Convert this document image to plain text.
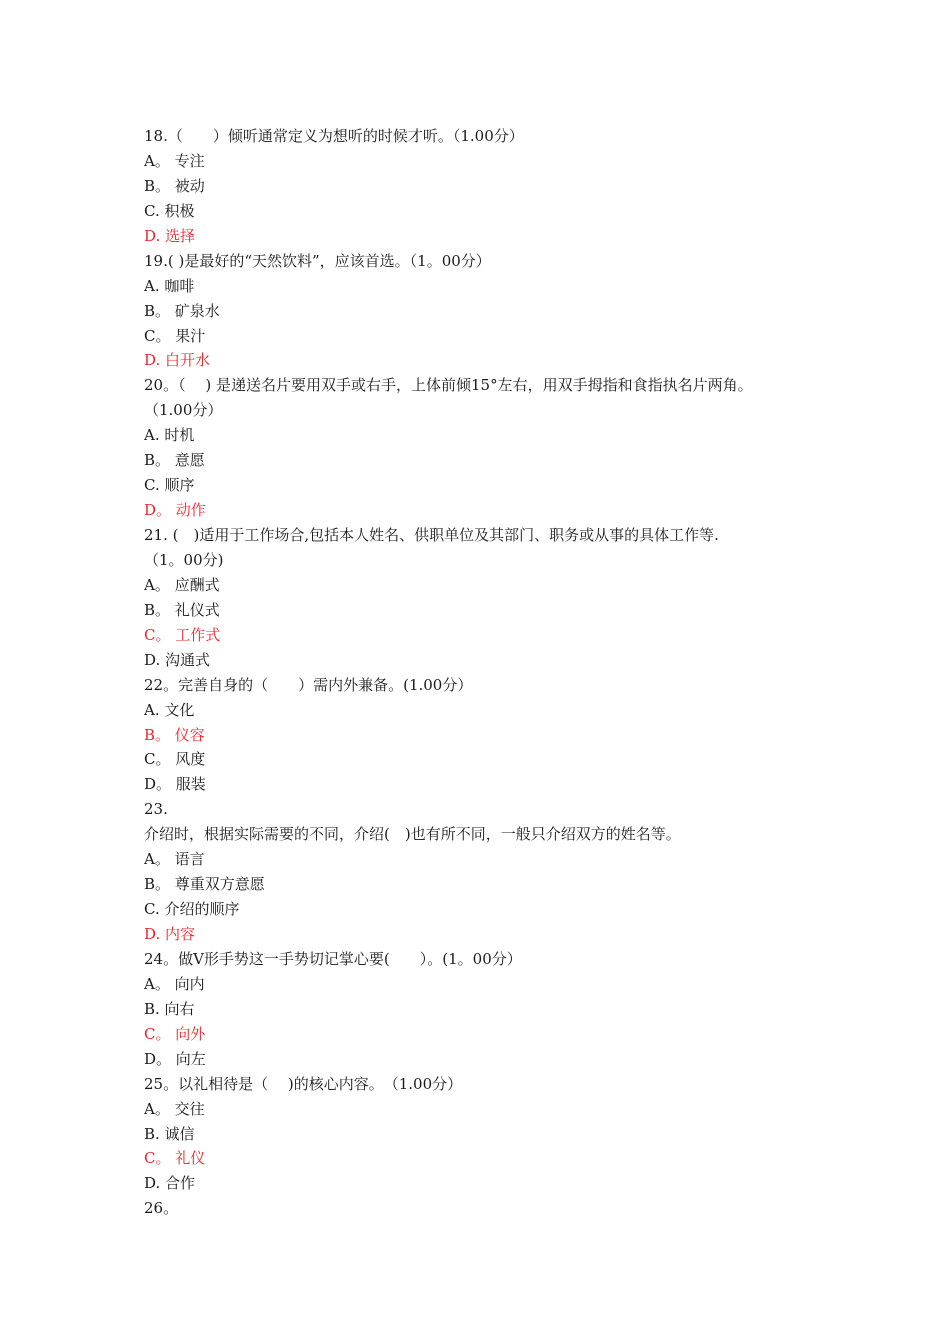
18.（　　）倾听通常定义为想听的时候才听。（1.00分）
A。 专注
B。 被动
C. 积极
D. 选择
19.( )是最好的“天然饮料”，应该首选。（1。00分）
A. 咖啡
B。 矿泉水
C。 果汁
D. 白开水
20。（　 ) 是递送名片要用双手或右手，上体前倾15°左右，用双手拇指和食指执名片两角。
（1.00分）
A. 时机
B。 意愿
C. 顺序
D。 动作
21. (　)适用于工作场合,包括本人姓名、供职单位及其部门、职务或从事的具体工作等.
（1。00分)
A。 应酬式
B。 礼仪式
C。 工作式
D. 沟通式
22。完善自身的（　　）需内外兼备。(1.00分）
A. 文化
B。 仪容
C。 风度
D。 服装
23.
介绍时，根据实际需要的不同，介绍(　)也有所不同，一般只介绍双方的姓名等。
A。 语言
B。 尊重双方意愿
C. 介绍的顺序
D. 内容
24。做V形手势这一手势切记掌心要(　　）。(1。00分）
A。 向内
B. 向右
C。 向外
D。 向左
25。以礼相待是（　 )的核心内容。　（1.00分）
A。 交往
B. 诚信
C。 礼仪
D. 合作
26。
